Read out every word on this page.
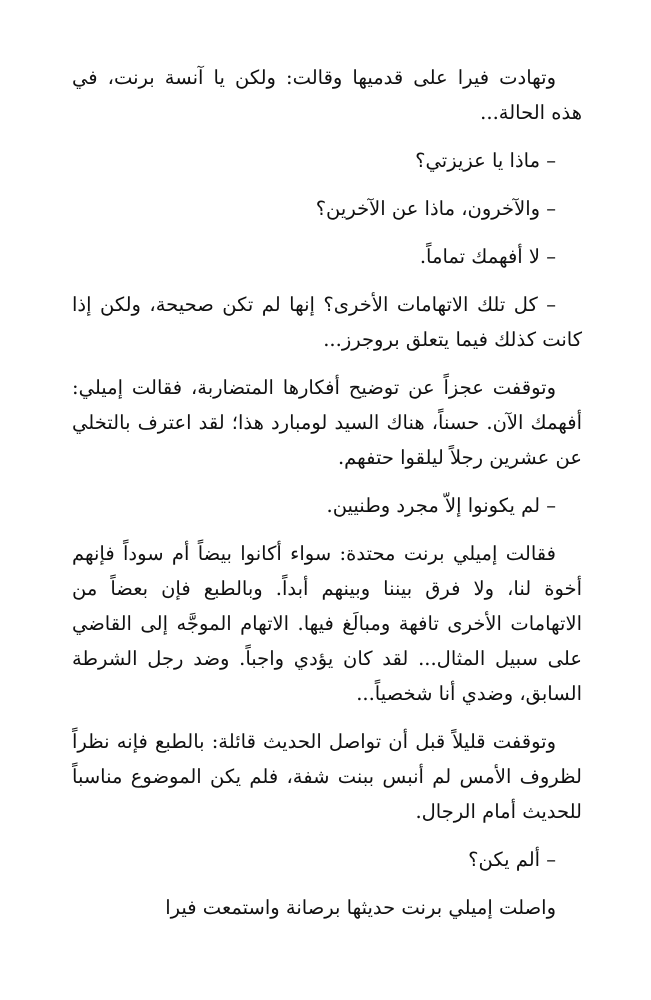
وتهادت فيرا على قدميها وقالت: ولكن يا آنسة برنت، في هذه الحالة...

– ماذا يا عزيزتي؟

– والآخرون، ماذا عن الآخرين؟

– لا أفهمك تماماً.

– كل تلك الاتهامات الأخرى؟ إنها لم تكن صحيحة، ولكن إذا كانت كذلك فيما يتعلق بروجرز...

وتوقفت عجزاً عن توضيح أفكارها المتضاربة، فقالت إميلي: أفهمك الآن. حسناً، هناك السيد لومبارد هذا؛ لقد اعترف بالتخلي عن عشرين رجلاً ليلقوا حتفهم.

– لم يكونوا إلاّ مجرد وطنيين.

فقالت إميلي برنت محتدة: سواء أكانوا بيضاً أم سوداً فإنهم أخوة لنا، ولا فرق بيننا وبينهم أبداً. وبالطبع فإن بعضاً من الاتهامات الأخرى تافهة ومبالَغ فيها. الاتهام الموجَّه إلى القاضي على سبيل المثال... لقد كان يؤدي واجباً. وضد رجل الشرطة السابق، وضدي أنا شخصياً...

وتوقفت قليلاً قبل أن تواصل الحديث قائلة: بالطبع فإنه نظراً لظروف الأمس لم أنبس ببنت شفة، فلم يكن الموضوع مناسباً للحديث أمام الرجال.

– ألم يكن؟

واصلت إميلي برنت حديثها برصانة واستمعت فيرا
